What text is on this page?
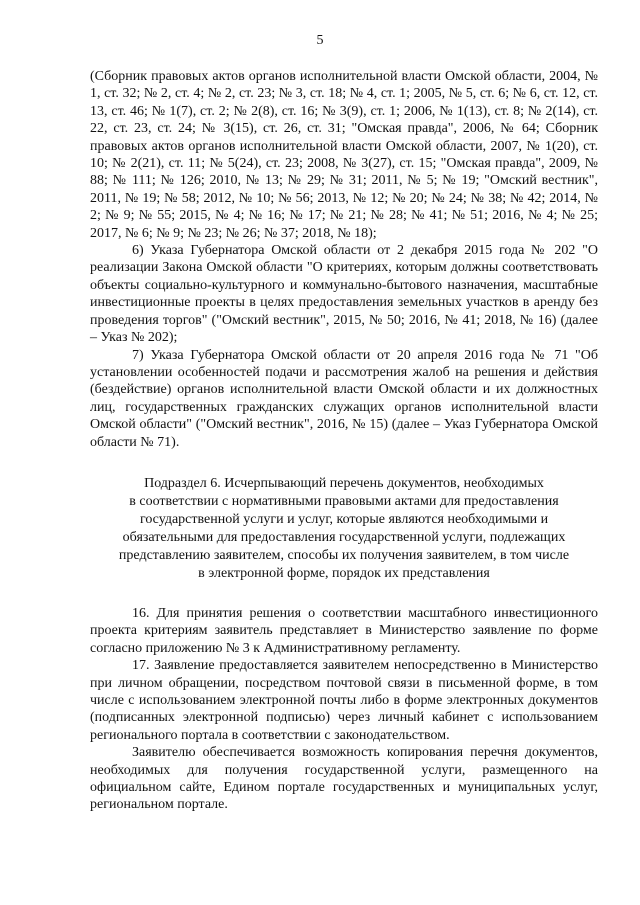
5

(Сборник правовых актов органов исполнительной власти Омской области, 2004, № 1, ст. 32; № 2, ст. 4; № 2, ст. 23; № 3, ст. 18; № 4, ст. 1; 2005, № 5, ст. 6; № 6, ст. 12, ст. 13, ст. 46; № 1(7), ст. 2; № 2(8), ст. 16; № 3(9), ст. 1; 2006, № 1(13), ст. 8; № 2(14), ст. 22, ст. 23, ст. 24; № 3(15), ст. 26, ст. 31; "Омская правда", 2006, № 64; Сборник правовых актов органов исполнительной власти Омской области, 2007, № 1(20), ст. 10; № 2(21), ст. 11; № 5(24), ст. 23; 2008, № 3(27), ст. 15; "Омская правда", 2009, № 88; № 111; № 126; 2010, № 13; № 29; № 31; 2011, № 5; № 19; "Омский вестник", 2011, № 19; № 58; 2012, № 10; № 56; 2013, № 12; № 20; № 24; № 38; № 42; 2014, № 2; № 9; № 55; 2015, № 4; № 16; № 17; № 21; № 28; № 41; № 51; 2016, № 4; № 25; 2017, № 6; № 9; № 23; № 26; № 37; 2018, № 18);

6) Указа Губернатора Омской области от 2 декабря 2015 года № 202 "О реализации Закона Омской области "О критериях, которым должны соответствовать объекты социально-культурного и коммунально-бытового назначения, масштабные инвестиционные проекты в целях предоставления земельных участков в аренду без проведения торгов" ("Омский вестник", 2015, № 50; 2016, № 41; 2018, № 16) (далее – Указ № 202);

7) Указа Губернатора Омской области от 20 апреля 2016 года № 71 "Об установлении особенностей подачи и рассмотрения жалоб на решения и действия (бездействие) органов исполнительной власти Омской области и их должностных лиц, государственных гражданских служащих органов исполнительной власти Омской области" ("Омский вестник", 2016, № 15) (далее – Указ Губернатора Омской области № 71).

Подраздел 6. Исчерпывающий перечень документов, необходимых
в соответствии с нормативными правовыми актами для предоставления
государственной услуги и услуг, которые являются необходимыми и
обязательными для предоставления государственной услуги, подлежащих
представлению заявителем, способы их получения заявителем, в том числе
в электронной форме, порядок их представления

16. Для принятия решения о соответствии масштабного инвестиционного проекта критериям заявитель представляет в Министерство заявление по форме согласно приложению № 3 к Административному регламенту.

17. Заявление предоставляется заявителем непосредственно в Министерство при личном обращении, посредством почтовой связи в письменной форме, в том числе с использованием электронной почты либо в форме электронных документов (подписанных электронной подписью) через личный кабинет с использованием регионального портала в соответствии с законодательством.

Заявителю обеспечивается возможность копирования перечня документов, необходимых для получения государственной услуги, размещенного на официальном сайте, Едином портале государственных и муниципальных услуг, региональном портале.
